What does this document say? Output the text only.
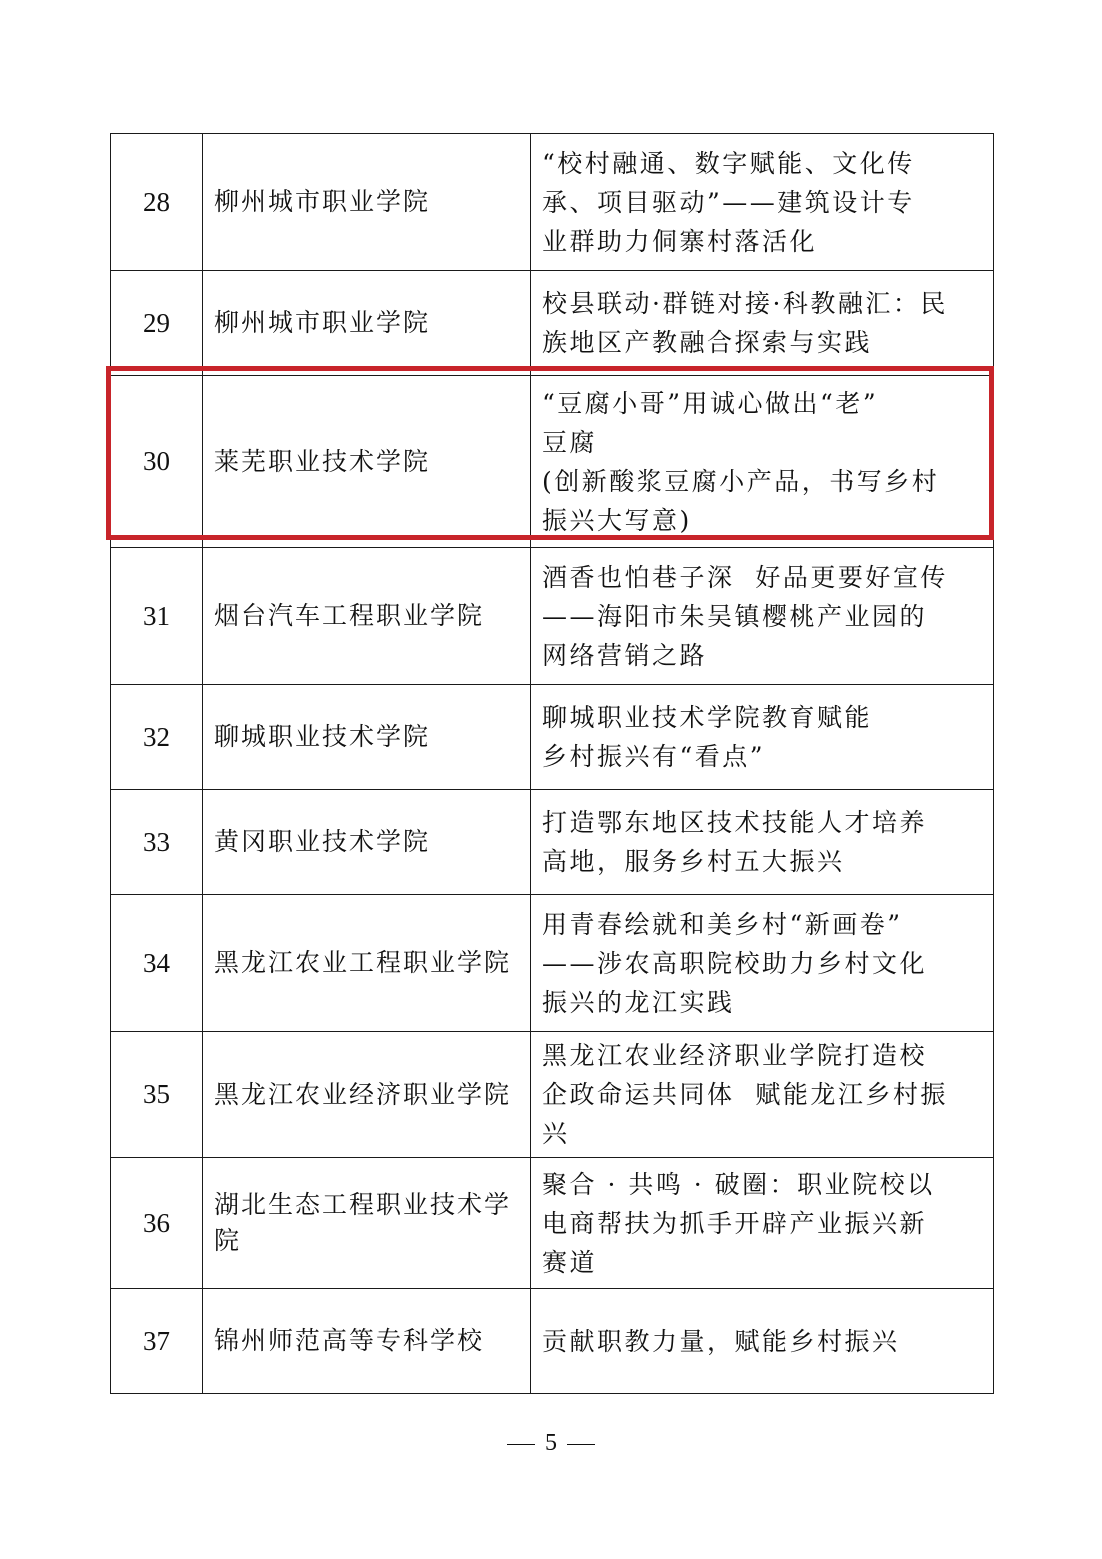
28	柳州城市职业学院	“校村融通、数字赋能、文化传
承、项目驱动”——建筑设计专
业群助力侗寨村落活化

29	柳州城市职业学院	校县联动·群链对接·科教融汇：民
族地区产教融合探索与实践

30	莱芜职业技术学院	“豆腐小哥”用诚心做出“老”
豆腐
(创新酸浆豆腐小产品，书写乡村
振兴大写意)

31	烟台汽车工程职业学院	酒香也怕巷子深  好品更要好宣传
——海阳市朱吴镇樱桃产业园的
网络营销之路

32	聊城职业技术学院	聊城职业技术学院教育赋能
乡村振兴有“看点”

33	黄冈职业技术学院	打造鄂东地区技术技能人才培养
高地，服务乡村五大振兴

34	黑龙江农业工程职业学院	用青春绘就和美乡村“新画卷”
——涉农高职院校助力乡村文化
振兴的龙江实践

35	黑龙江农业经济职业学院	黑龙江农业经济职业学院打造校
企政命运共同体  赋能龙江乡村振
兴

36	湖北生态工程职业技术学院	聚合 · 共鸣 · 破圈：职业院校以
电商帮扶为抓手开辟产业振兴新
赛道

37	锦州师范高等专科学校	贡献职教力量，赋能乡村振兴
5
